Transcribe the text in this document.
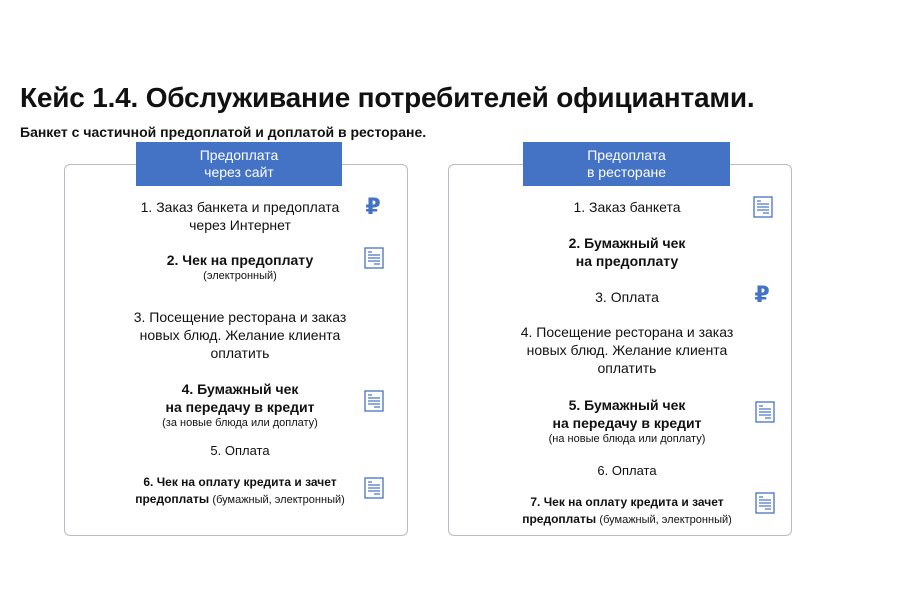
Кейс 1.4. Обслуживание потребителей официантами.
Банкет с частичной предоплатой и доплатой в ресторане.
Предоплата
через сайт
1. Заказ банкета и предоплата
через Интернет
₽
2. Чек на предоплату
(электронный)
3. Посещение ресторана и заказ
новых блюд. Желание клиента
оплатить
4. Бумажный чек
на передачу в кредит
(за новые блюда или доплату)
5. Оплата
6. Чек на оплату кредита и зачет
предоплаты (бумажный, электронный)
Предоплата
в ресторане
1. Заказ банкета
2. Бумажный чек
на предоплату
3. Оплата	₽
4. Посещение ресторана и заказ
новых блюд. Желание клиента
оплатить
5. Бумажный чек
на передачу в кредит
(на новые блюда или доплату)
6. Оплата
7. Чек на оплату кредита и зачет
предоплаты (бумажный, электронный)
